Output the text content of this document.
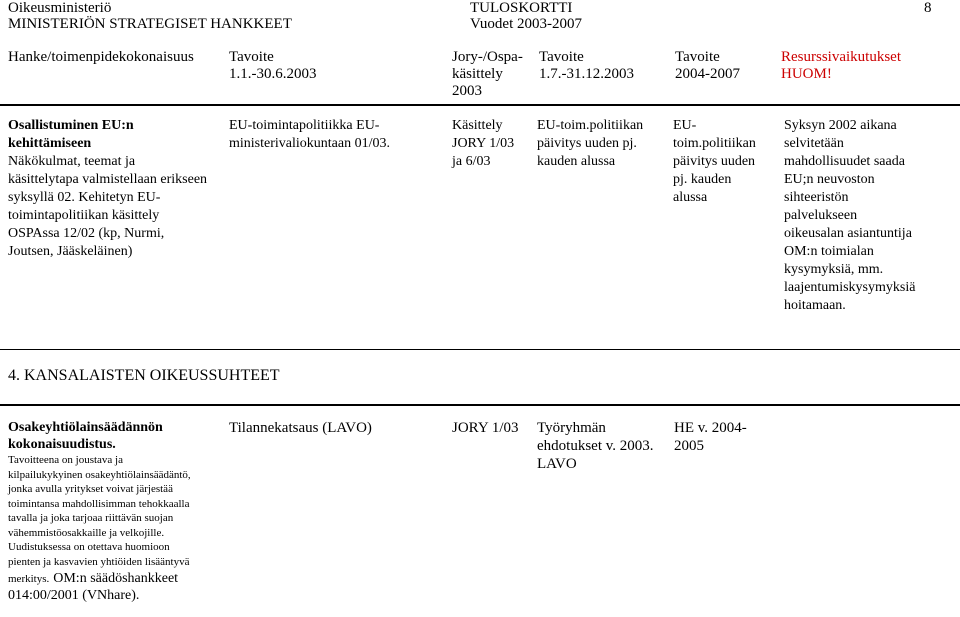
Oikeusministeriö
MINISTERIÖN STRATEGISET HANKKEET
TULOSKORTTI
Vuodet 2003-2007
8
Hanke/toimenpidekokonaisuus Tavoite
1.1.-30.6.2003
Jory-/Ospa-
käsittely
2003
Tavoite
1.7.-31.12.2003
Tavoite
2004-2007
Resurssivaikutukset
HUOM!
Osallistuminen EU:n
kehittämiseen
Näkökulmat, teemat ja
käsittelytapa valmistellaan erikseen
syksyllä 02. Kehitetyn EU-
toimintapolitiikan käsittely
OSPAssa 12/02 (kp, Nurmi,
Joutsen, Jääskeläinen)
EU-toimintapolitiikka EU-
ministerivaliokuntaan 01/03.
Käsittely
JORY 1/03
ja 6/03
EU-toim.politiikan
päivitys uuden pj.
kauden alussa
EU-
toim.politiikan
päivitys uuden
pj. kauden
alussa
Syksyn 2002 aikana
selvitetään
mahdollisuudet saada
EU;n neuvoston
sihteeristön
palvelukseen
oikeusalan asiantuntija
OM:n toimialan
kysymyksiä, mm.
laajentumiskysymyksiä
hoitamaan.
4. KANSALAISTEN OIKEUSSUHTEET
Osakeyhtiölainsäädännön
kokonaisuudistus.
Tavoitteena on joustava ja
kilpailukykyinen osakeyhtiölainsäädäntö,
jonka avulla yritykset voivat järjestää
toimintansa mahdollisimman tehokkaalla
tavalla ja joka tarjoaa riittävän suojan
vähemmistöosakkaille ja velkojille.
Uudistuksessa on otettava huomioon
pienten ja kasvavien yhtiöiden lisääntyvä
merkitys. OM:n säädöshankkeet
014:00/2001 (VNhare).
Tilannekatsaus (LAVO)	JORY 1/03 Työryhmän
ehdotukset v. 2003.
LAVO
HE v. 2004-
2005
